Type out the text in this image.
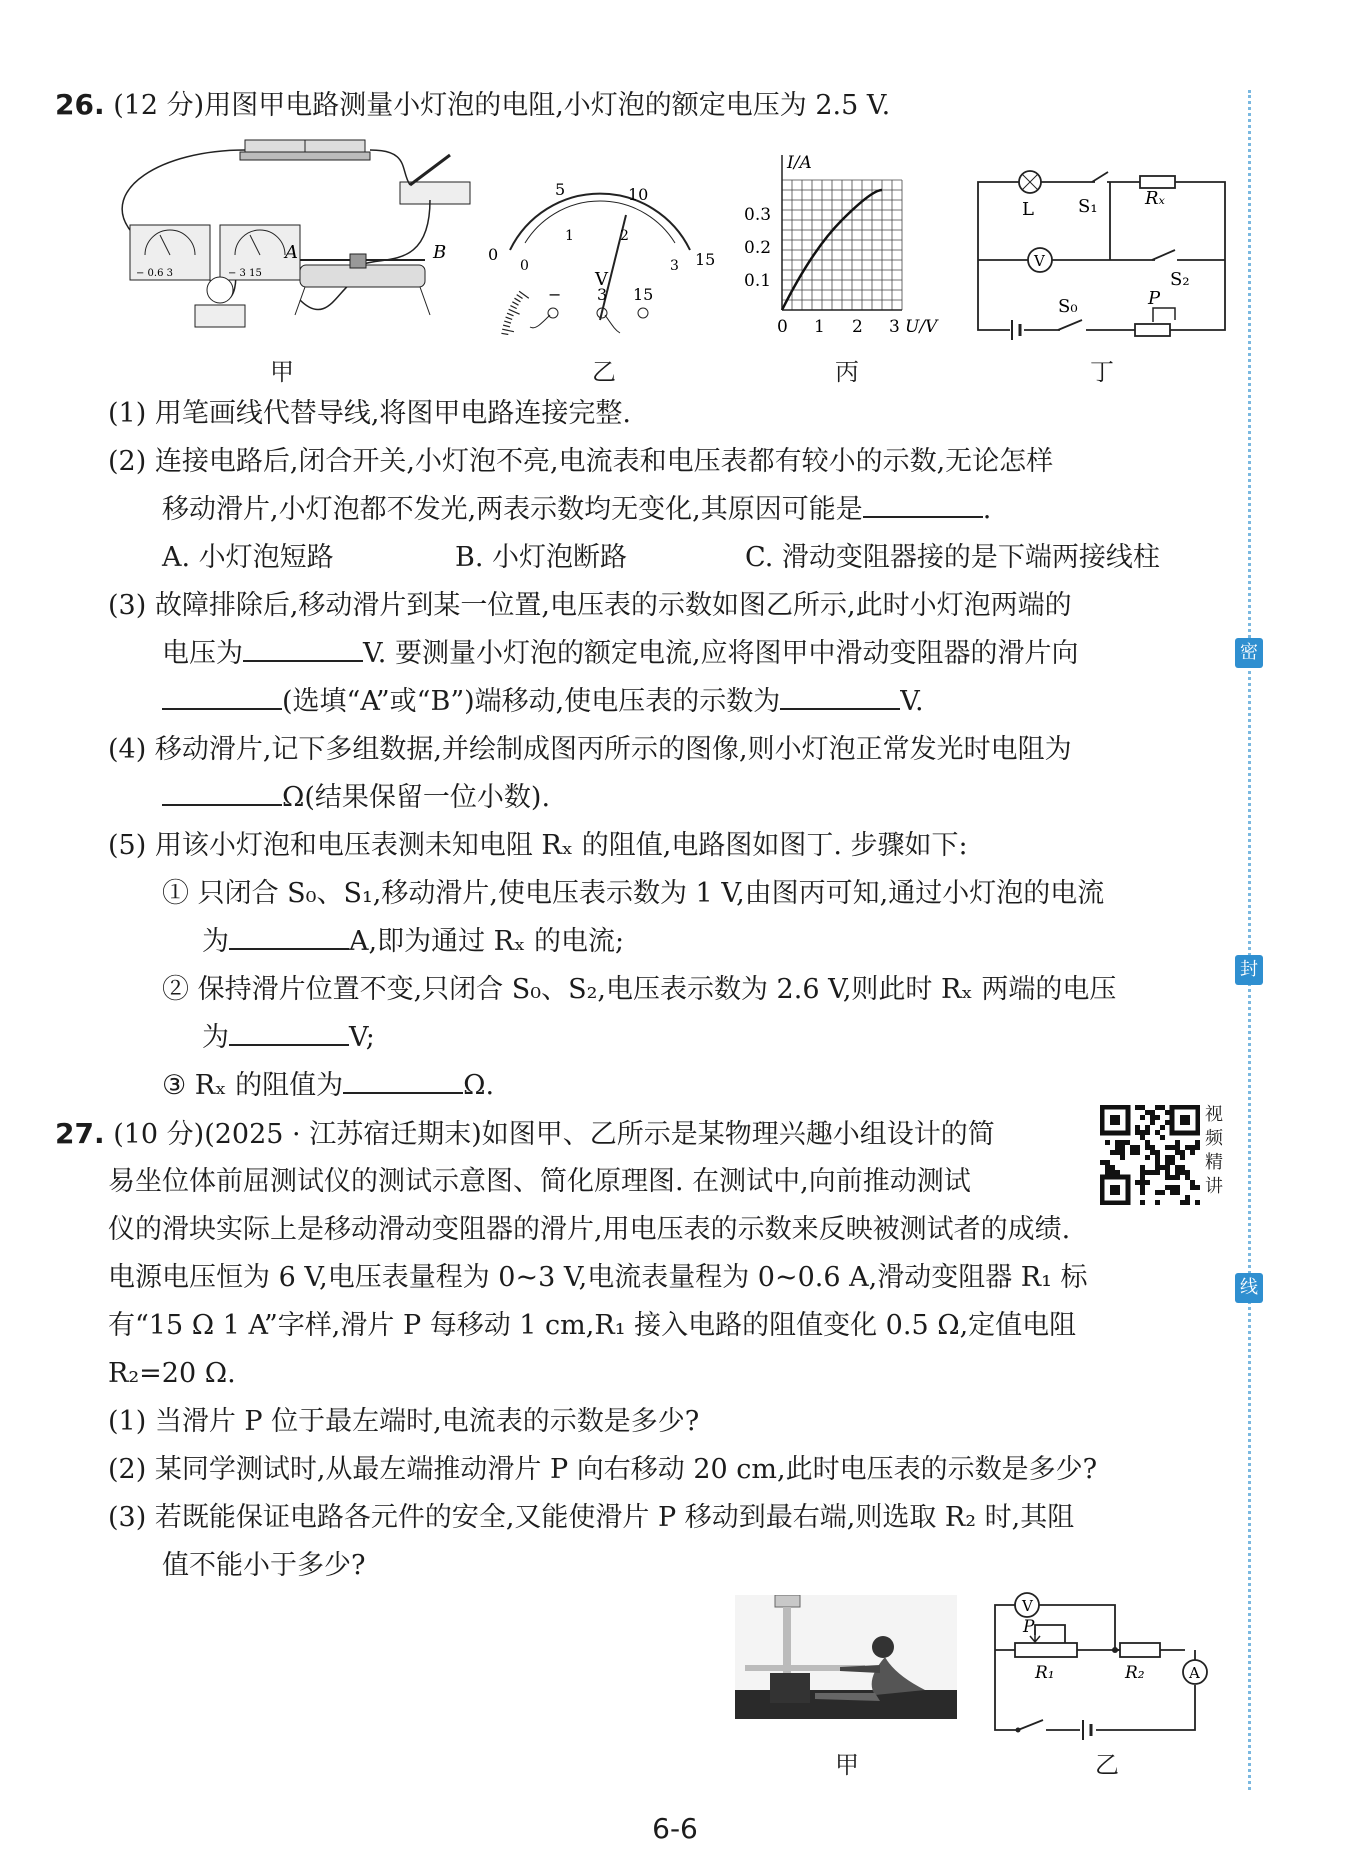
密
封
线
26. (12 分)用图甲电路测量小灯泡的电阻,小灯泡的额定电压为 2.5 V.
− 0.6 3	− 3 15
A	B
甲
5	10
15
0
0
1	2
3
V
− 3 15
乙
I/A
U/V
0.3
0.2
0.1
0 1 2 3
丙
L S₁	Rₓ
V
S₂
S₀	P
丁
(1) 用笔画线代替导线,将图甲电路连接完整.
(2) 连接电路后,闭合开关,小灯泡不亮,电流表和电压表都有较小的示数,无论怎样
移动滑片,小灯泡都不发光,两表示数均无变化,其原因可能是	.
A. 小灯泡短路	B. 小灯泡断路	C. 滑动变阻器接的是下端两接线柱
(3) 故障排除后,移动滑片到某一位置,电压表的示数如图乙所示,此时小灯泡两端的
电压为	V. 要测量小灯泡的额定电流,应将图甲中滑动变阻器的滑片向
(选填“A”或“B”)端移动,使电压表的示数为	V.
(4) 移动滑片,记下多组数据,并绘制成图丙所示的图像,则小灯泡正常发光时电阻为
Ω(结果保留一位小数).
(5) 用该小灯泡和电压表测未知电阻 Rₓ 的阻值,电路图如图丁. 步骤如下:
① 只闭合 S₀、S₁,移动滑片,使电压表示数为 1 V,由图丙可知,通过小灯泡的电流
为	A,即为通过 Rₓ 的电流;
② 保持滑片位置不变,只闭合 S₀、S₂,电压表示数为 2.6 V,则此时 Rₓ 两端的电压
为	V;
③ Rₓ 的阻值为	Ω.
27. (10 分)(2025 · 江苏宿迁期末)如图甲、乙所示是某物理兴趣小组设计的简
视频精讲
易坐位体前屈测试仪的测试示意图、简化原理图. 在测试中,向前推动测试
仪的滑块实际上是移动滑动变阻器的滑片,用电压表的示数来反映被测试者的成绩.
电源电压恒为 6 V,电压表量程为 0~3 V,电流表量程为 0~0.6 A,滑动变阻器 R₁ 标
有“15 Ω 1 A”字样,滑片 P 每移动 1 cm,R₁ 接入电路的阻值变化 0.5 Ω,定值电阻
R₂=20 Ω.
(1) 当滑片 P 位于最左端时,电流表的示数是多少?
(2) 某同学测试时,从最左端推动滑片 P 向右移动 20 cm,此时电压表的示数是多少?
(3) 若既能保证电路各元件的安全,又能使滑片 P 移动到最右端,则选取 R₂ 时,其阻
值不能小于多少?
甲
V
P
R₁	R₂	A
乙
6-6
